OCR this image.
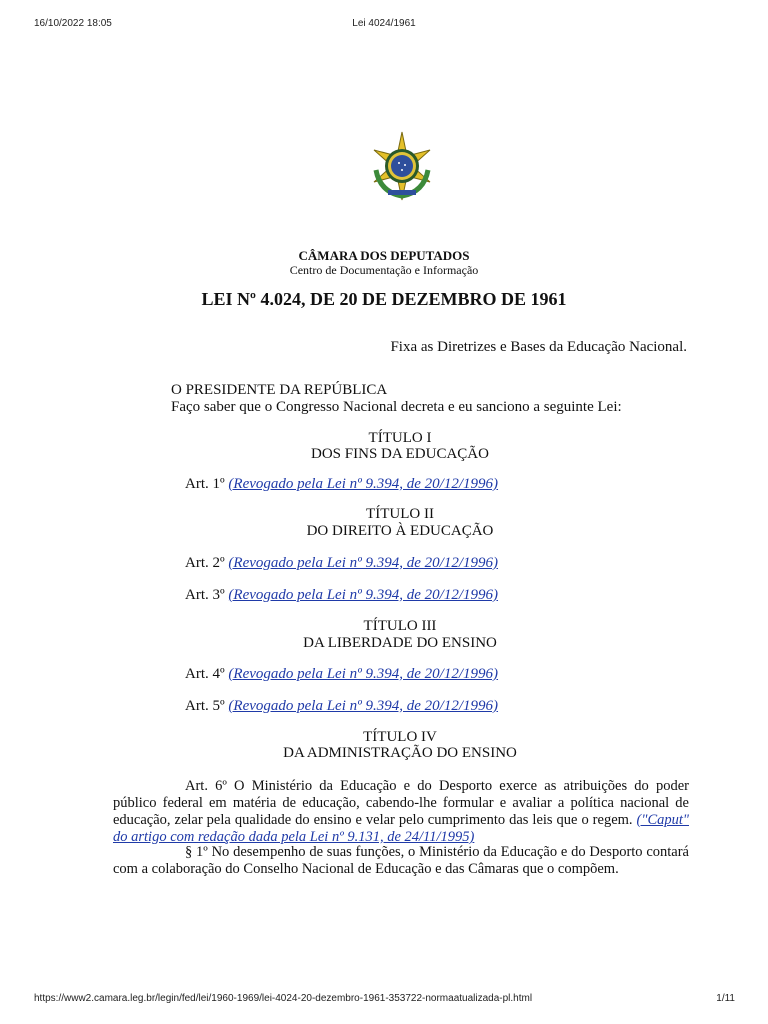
16/10/2022 18:05	Lei 4024/1961
CÂMARA DOS DEPUTADOS
Centro de Documentação e Informação
LEI Nº 4.024, DE 20 DE DEZEMBRO DE 1961
Fixa as Diretrizes e Bases da Educação Nacional.
O PRESIDENTE DA REPÚBLICA
Faço saber que o Congresso Nacional decreta e eu sanciono a seguinte Lei:
TÍTULO I
DOS FINS DA EDUCAÇÃO
Art. 1º (Revogado pela Lei nº 9.394, de 20/12/1996)
TÍTULO II
DO DIREITO À EDUCAÇÃO
Art. 2º (Revogado pela Lei nº 9.394, de 20/12/1996)
Art. 3º (Revogado pela Lei nº 9.394, de 20/12/1996)
TÍTULO III
DA LIBERDADE DO ENSINO
Art. 4º (Revogado pela Lei nº 9.394, de 20/12/1996)
Art. 5º (Revogado pela Lei nº 9.394, de 20/12/1996)
TÍTULO IV
DA ADMINISTRAÇÃO DO ENSINO
Art. 6º O Ministério da Educação e do Desporto exerce as atribuições do poder público federal em matéria de educação, cabendo-lhe formular e avaliar a política nacional de educação, zelar pela qualidade do ensino e velar pelo cumprimento das leis que o regem. ("Caput" do artigo com redação dada pela Lei nº 9.131, de 24/11/1995)
§ 1º No desempenho de suas funções, o Ministério da Educação e do Desporto contará com a colaboração do Conselho Nacional de Educação e das Câmaras que o compõem.
https://www2.camara.leg.br/legin/fed/lei/1960-1969/lei-4024-20-dezembro-1961-353722-normaatualizada-pl.html	1/11
